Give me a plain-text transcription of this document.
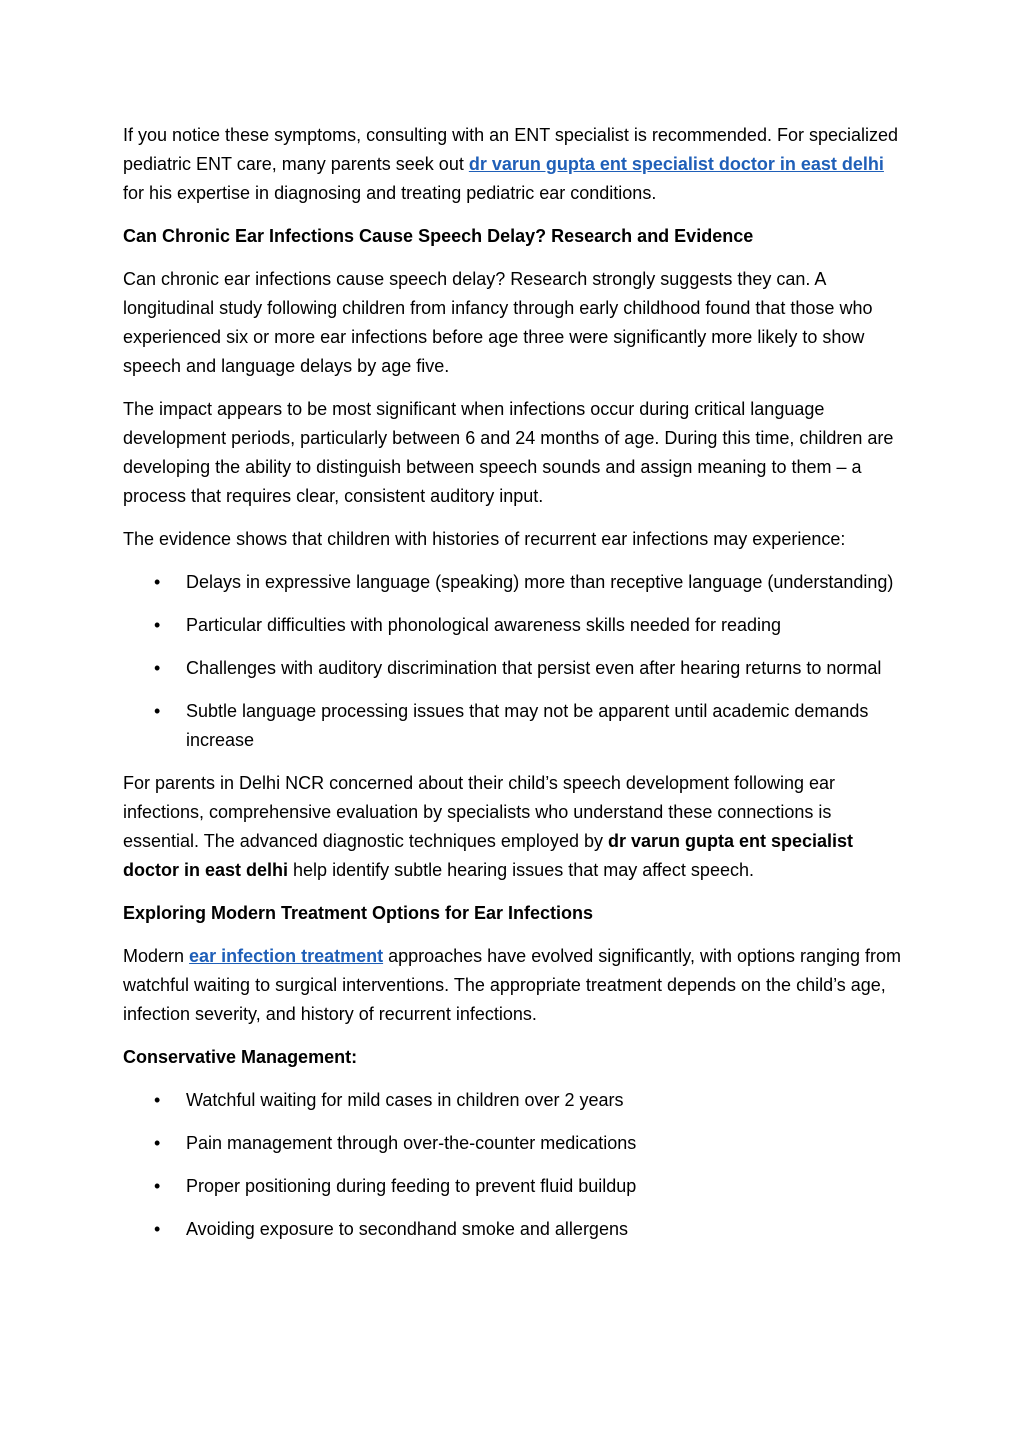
If you notice these symptoms, consulting with an ENT specialist is recommended. For specialized pediatric ENT care, many parents seek out dr varun gupta ent specialist doctor in east delhi for his expertise in diagnosing and treating pediatric ear conditions.

Can Chronic Ear Infections Cause Speech Delay? Research and Evidence

Can chronic ear infections cause speech delay? Research strongly suggests they can. A longitudinal study following children from infancy through early childhood found that those who experienced six or more ear infections before age three were significantly more likely to show speech and language delays by age five.

The impact appears to be most significant when infections occur during critical language development periods, particularly between 6 and 24 months of age. During this time, children are developing the ability to distinguish between speech sounds and assign meaning to them – a process that requires clear, consistent auditory input.

The evidence shows that children with histories of recurrent ear infections may experience:

• Delays in expressive language (speaking) more than receptive language (understanding)
• Particular difficulties with phonological awareness skills needed for reading
• Challenges with auditory discrimination that persist even after hearing returns to normal
• Subtle language processing issues that may not be apparent until academic demands increase

For parents in Delhi NCR concerned about their child’s speech development following ear infections, comprehensive evaluation by specialists who understand these connections is essential. The advanced diagnostic techniques employed by dr varun gupta ent specialist doctor in east delhi help identify subtle hearing issues that may affect speech.

Exploring Modern Treatment Options for Ear Infections

Modern ear infection treatment approaches have evolved significantly, with options ranging from watchful waiting to surgical interventions. The appropriate treatment depends on the child’s age, infection severity, and history of recurrent infections.

Conservative Management:

• Watchful waiting for mild cases in children over 2 years
• Pain management through over-the-counter medications
• Proper positioning during feeding to prevent fluid buildup
• Avoiding exposure to secondhand smoke and allergens
